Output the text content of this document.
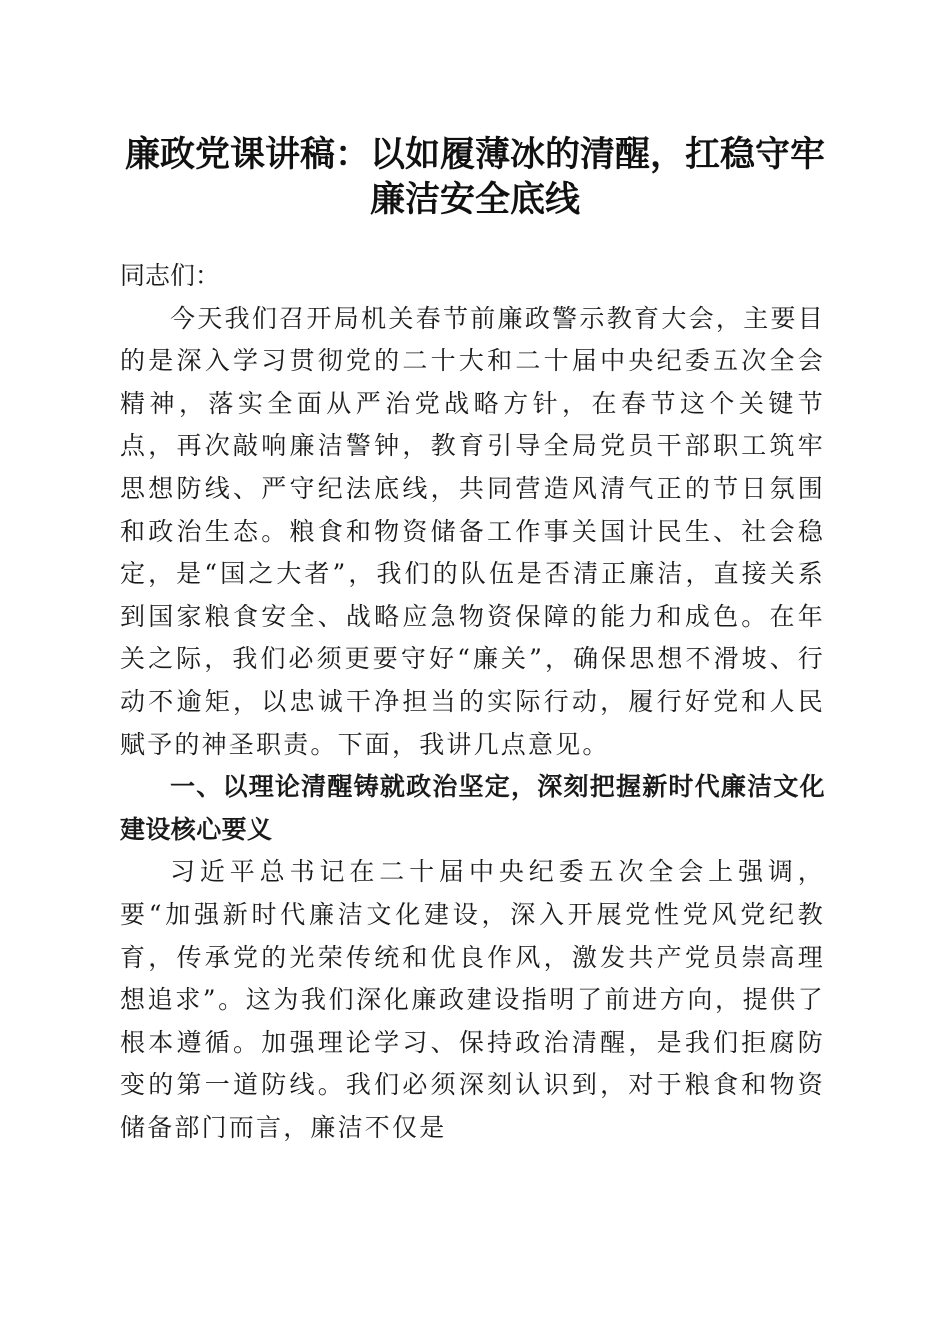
廉政党课讲稿：以如履薄冰的清醒，扛稳守牢
廉洁安全底线

同志们：

今天我们召开局机关春节前廉政警示教育大会，主要目的是深入学习贯彻党的二十大和二十届中央纪委五次全会精神，落实全面从严治党战略方针，在春节这个关键节点，再次敲响廉洁警钟，教育引导全局党员干部职工筑牢思想防线、严守纪法底线，共同营造风清气正的节日氛围和政治生态。粮食和物资储备工作事关国计民生、社会稳定，是“国之大者”，我们的队伍是否清正廉洁，直接关系到国家粮食安全、战略应急物资保障的能力和成色。在年关之际，我们必须更要守好“廉关”，确保思想不滑坡、行动不逾矩，以忠诚干净担当的实际行动，履行好党和人民赋予的神圣职责。下面，我讲几点意见。

一、以理论清醒铸就政治坚定，深刻把握新时代廉洁文化建设核心要义

习近平总书记在二十届中央纪委五次全会上强调，要“加强新时代廉洁文化建设，深入开展党性党风党纪教育，传承党的光荣传统和优良作风，激发共产党员崇高理想追求”。这为我们深化廉政建设指明了前进方向，提供了根本遵循。加强理论学习、保持政治清醒，是我们拒腐防变的第一道防线。我们必须深刻认识到，对于粮食和物资储备部门而言，廉洁不仅是
